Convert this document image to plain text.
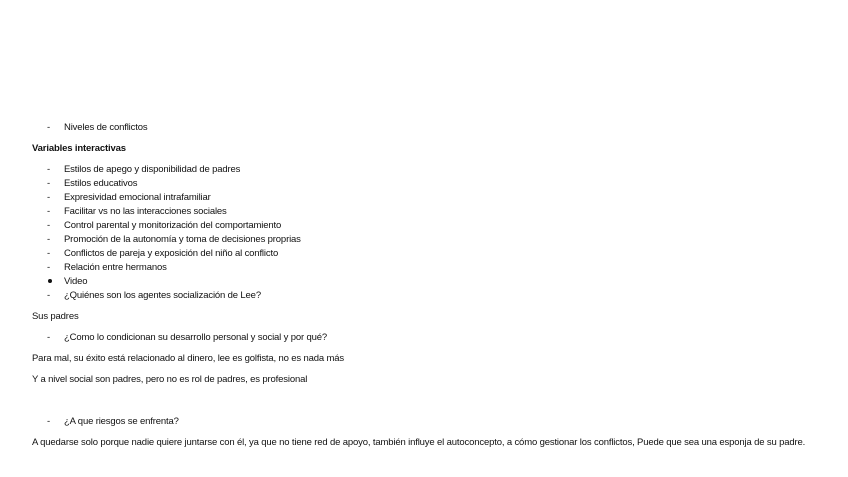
- Niveles de conflictos
Variables interactivas
- Estilos de apego y disponibilidad de padres
- Estilos educativos
- Expresividad emocional intrafamiliar
- Facilitar vs no las interacciones sociales
- Control parental y monitorización del comportamiento
- Promoción de la autonomía y toma de decisiones proprias
- Conflictos de pareja y exposición del niño al conflicto
- Relación entre hermanos
Video
- ¿Quiénes son los agentes socialización de Lee?
Sus padres
- ¿Como lo condicionan su desarrollo personal y social y por qué?
Para mal, su éxito está relacionado al dinero, lee es golfista, no es nada más
Y a nivel social son padres, pero no es rol de padres, es profesional
- ¿A que riesgos se enfrenta?
A quedarse solo porque nadie quiere juntarse con él, ya que no tiene red de apoyo, también influye el autoconcepto, a cómo gestionar los conflictos, Puede que sea una esponja de su padre.
